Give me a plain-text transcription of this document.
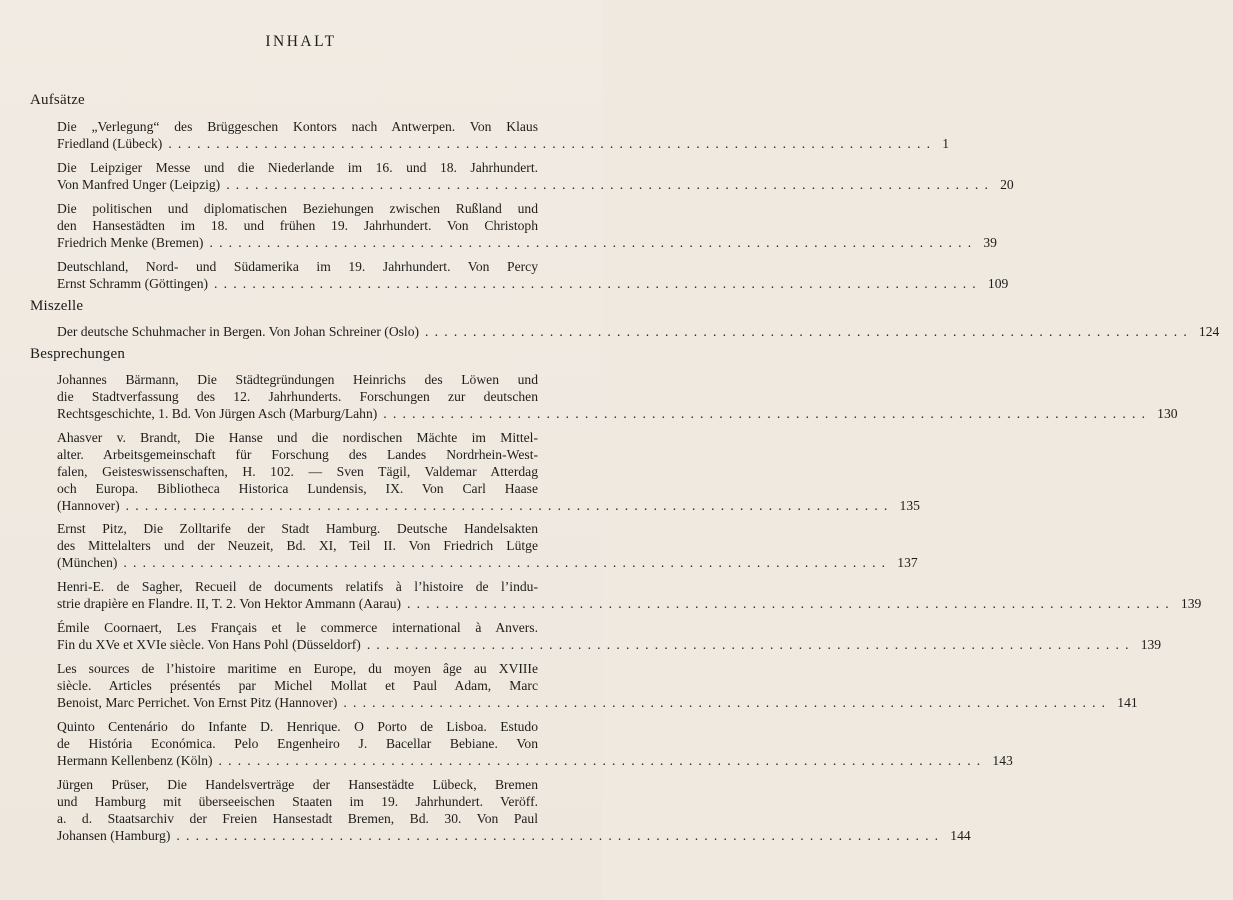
INHALT
Aufsätze
Die „Verlegung“ des Brüggeschen Kontors nach Antwerpen. Von Klaus
Friedland (Lübeck) ................................................................................ 1
Die Leipziger Messe und die Niederlande im 16. und 18. Jahrhundert.
Von Manfred Unger (Leipzig) ................................................................................ 20
Die politischen und diplomatischen Beziehungen zwischen Rußland und
den Hansestädten im 18. und frühen 19. Jahrhundert. Von Christoph
Friedrich Menke (Bremen) ................................................................................ 39
Deutschland, Nord- und Südamerika im 19. Jahrhundert. Von Percy
Ernst Schramm (Göttingen) ................................................................................ 109
Miszelle
Der deutsche Schuhmacher in Bergen. Von Johan Schreiner (Oslo) ................................................................................ 124
Besprechungen
Johannes Bärmann, Die Städtegründungen Heinrichs des Löwen und
die Stadtverfassung des 12. Jahrhunderts. Forschungen zur deutschen
Rechtsgeschichte, 1. Bd. Von Jürgen Asch (Marburg/Lahn) ................................................................................ 130
Ahasver v. Brandt, Die Hanse und die nordischen Mächte im Mittel-
alter. Arbeitsgemeinschaft für Forschung des Landes Nordrhein-West-
falen, Geisteswissenschaften, H. 102. — Sven Tägil, Valdemar Atterdag
och Europa. Bibliotheca Historica Lundensis, IX. Von Carl Haase
(Hannover) ................................................................................ 135
Ernst Pitz, Die Zolltarife der Stadt Hamburg. Deutsche Handelsakten
des Mittelalters und der Neuzeit, Bd. XI, Teil II. Von Friedrich Lütge
(München) ................................................................................ 137
Henri-E. de Sagher, Recueil de documents relatifs à l’histoire de l’indu-
strie drapière en Flandre. II, T. 2. Von Hektor Ammann (Aarau) ................................................................................ 139
Émile Coornaert, Les Français et le commerce international à Anvers.
Fin du XVe et XVIe siècle. Von Hans Pohl (Düsseldorf) ................................................................................ 139
Les sources de l’histoire maritime en Europe, du moyen âge au XVIIIe
siècle. Articles présentés par Michel Mollat et Paul Adam, Marc
Benoist, Marc Perrichet. Von Ernst Pitz (Hannover) ................................................................................ 141
Quinto Centenário do Infante D. Henrique. O Porto de Lisboa. Estudo
de História Económica. Pelo Engenheiro J. Bacellar Bebiane. Von
Hermann Kellenbenz (Köln) ................................................................................ 143
Jürgen Prüser, Die Handelsverträge der Hansestädte Lübeck, Bremen
und Hamburg mit überseeischen Staaten im 19. Jahrhundert. Veröff.
a. d. Staatsarchiv der Freien Hansestadt Bremen, Bd. 30. Von Paul
Johansen (Hamburg) ................................................................................ 144
